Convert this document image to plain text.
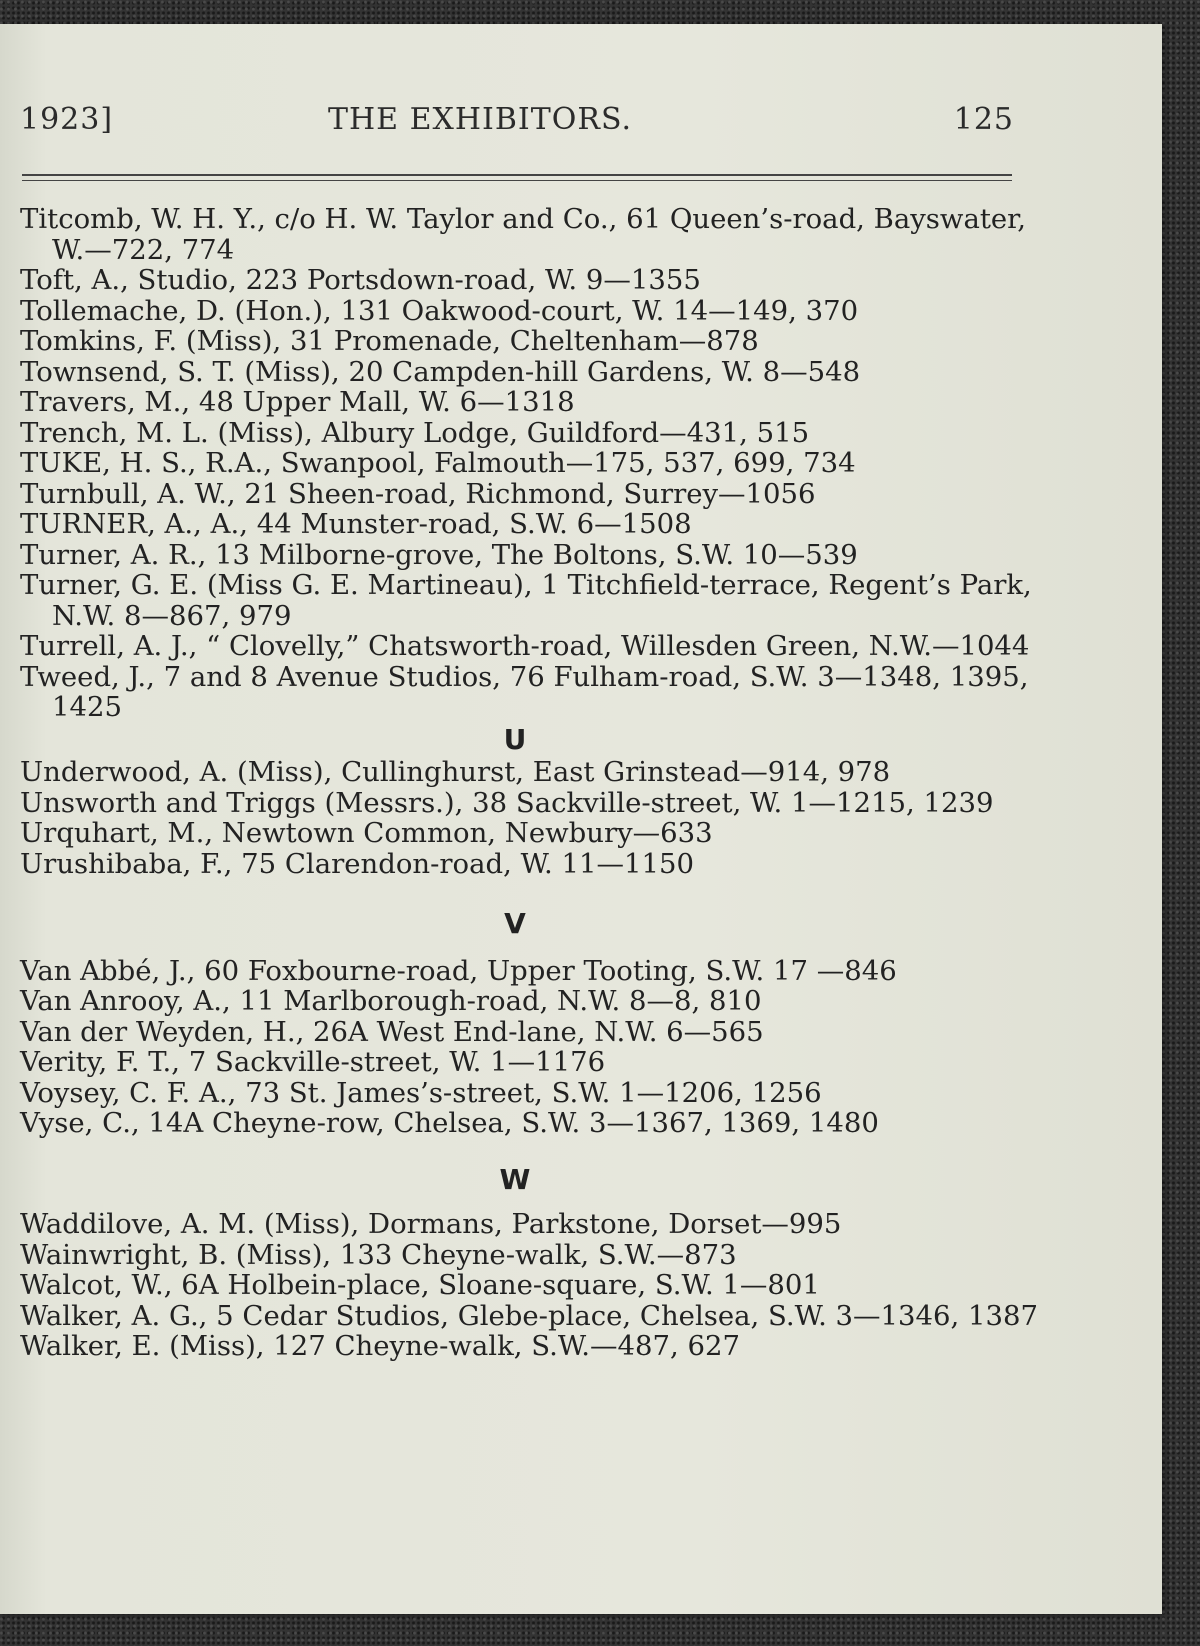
1923]	THE EXHIBITORS.	125
Titcomb, W. H. Y., c/o H. W. Taylor and Co., 61 Queen’s-road, Bayswater, W.—722, 774
Toft, A., Studio, 223 Portsdown-road, W. 9—1355
Tollemache, D. (Hon.), 131 Oakwood-court, W. 14—149, 370
Tomkins, F. (Miss), 31 Promenade, Cheltenham—878
Townsend, S. T. (Miss), 20 Campden-hill Gardens, W. 8—548
Travers, M., 48 Upper Mall, W. 6—1318
Trench, M. L. (Miss), Albury Lodge, Guildford—431, 515
TUKE, H. S., R.A., Swanpool, Falmouth—175, 537, 699, 734
Turnbull, A. W., 21 Sheen-road, Richmond, Surrey—1056
TURNER, A., A., 44 Munster-road, S.W. 6—1508
Turner, A. R., 13 Milborne-grove, The Boltons, S.W. 10—539
Turner, G. E. (Miss G. E. Martineau), 1 Titchfield-terrace, Regent’s Park, N.W. 8—867, 979
Turrell, A. J., “ Clovelly,” Chatsworth-road, Willesden Green, N.W.—1044
Tweed, J., 7 and 8 Avenue Studios, 76 Fulham-road, S.W. 3—1348, 1395, 1425
U
Underwood, A. (Miss), Cullinghurst, East Grinstead—914, 978
Unsworth and Triggs (Messrs.), 38 Sackville-street, W. 1—1215, 1239
Urquhart, M., Newtown Common, Newbury—633
Urushibaba, F., 75 Clarendon-road, W. 11—1150
V
Van Abbé, J., 60 Foxbourne-road, Upper Tooting, S.W. 17 —846
Van Anrooy, A., 11 Marlborough-road, N.W. 8—8, 810
Van der Weyden, H., 26A West End-lane, N.W. 6—565
Verity, F. T., 7 Sackville-street, W. 1—1176
Voysey, C. F. A., 73 St. James’s-street, S.W. 1—1206, 1256
Vyse, C., 14A Cheyne-row, Chelsea, S.W. 3—1367, 1369, 1480
W
Waddilove, A. M. (Miss), Dormans, Parkstone, Dorset—995
Wainwright, B. (Miss), 133 Cheyne-walk, S.W.—873
Walcot, W., 6A Holbein-place, Sloane-square, S.W. 1—801
Walker, A. G., 5 Cedar Studios, Glebe-place, Chelsea, S.W. 3—1346, 1387
Walker, E. (Miss), 127 Cheyne-walk, S.W.—487, 627
